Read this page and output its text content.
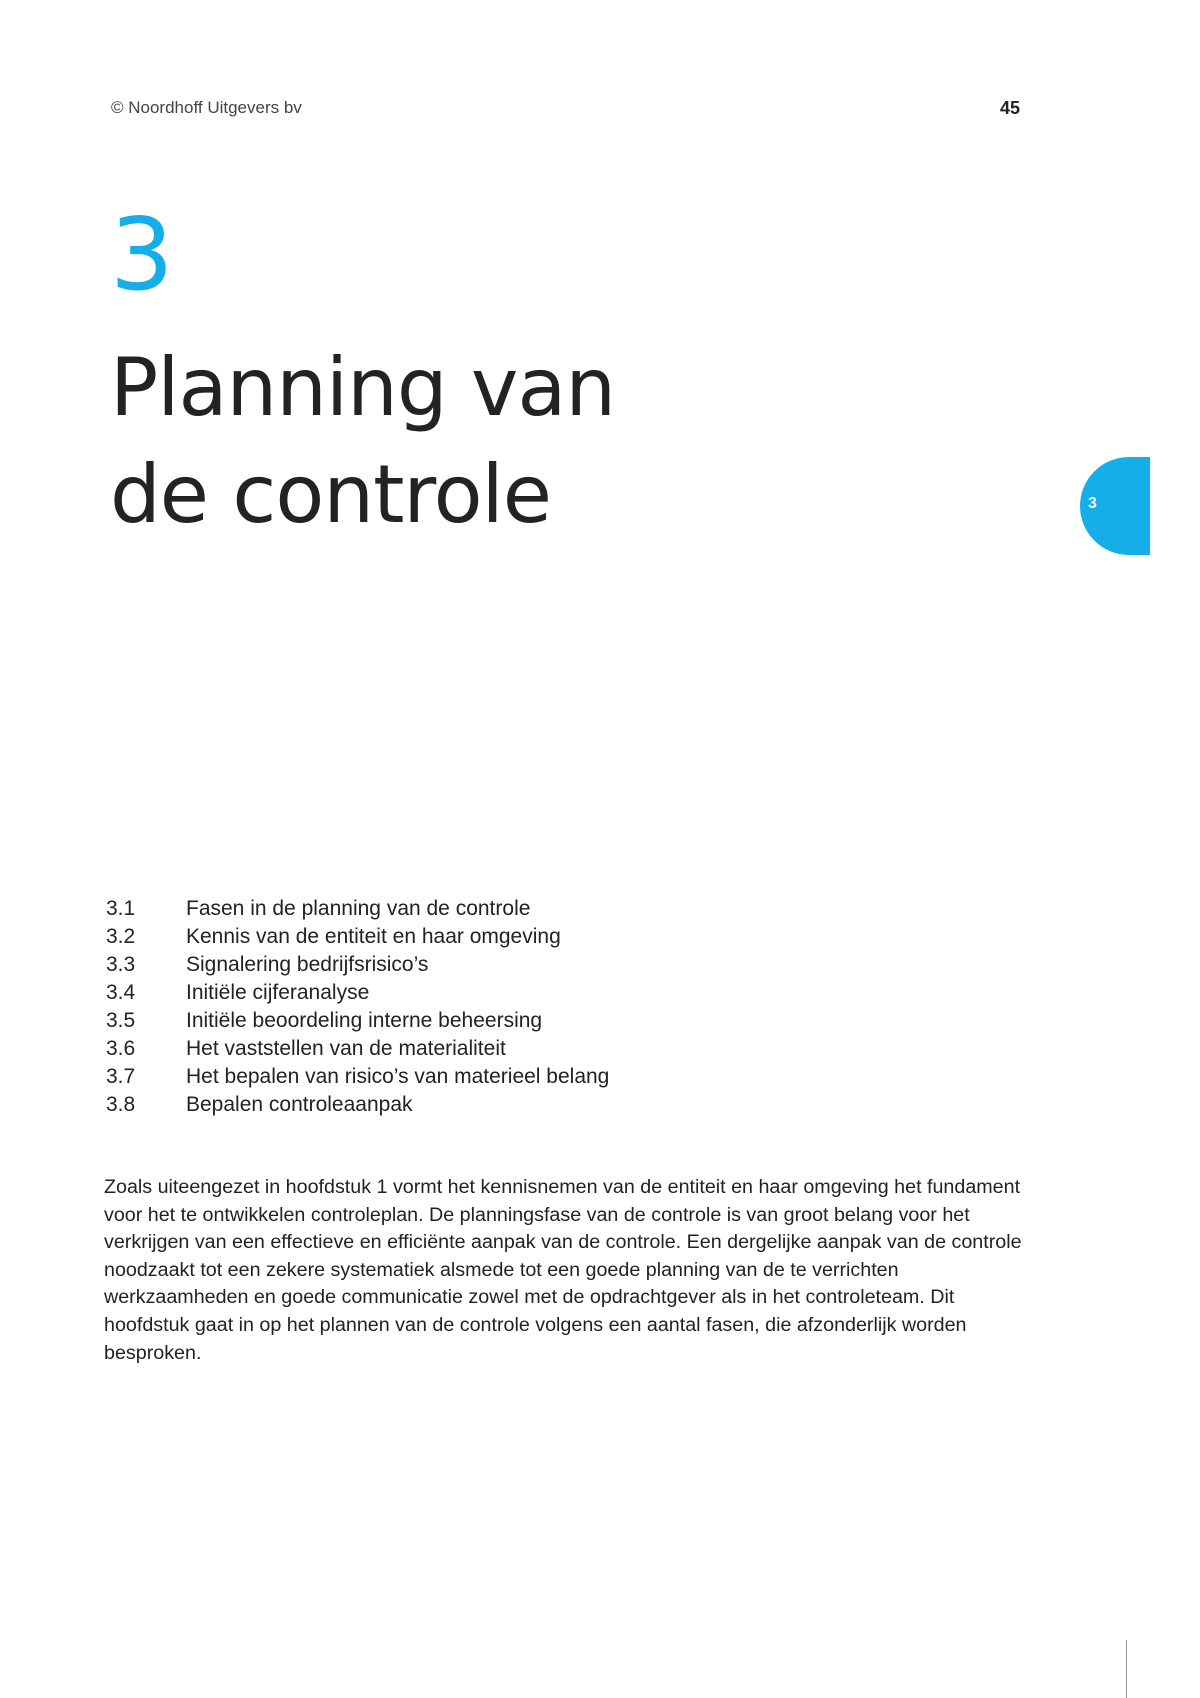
© Noordhoff Uitgevers bv	45
3
Planning van
de controle	3
3.1 Fasen in de planning van de controle
3.2 Kennis van de entiteit en haar omgeving
3.3 Signalering bedrijfsrisico’s
3.4 Initiële cijferanalyse
3.5 Initiële beoordeling interne beheersing
3.6 Het vaststellen van de materialiteit
3.7 Het bepalen van risico’s van materieel belang
3.8 Bepalen controleaanpak

Zoals uiteengezet in hoofdstuk 1 vormt het kennisnemen van de entiteit en haar omgeving het fundament voor het te ontwikkelen controleplan. De planningsfase van de controle is van groot belang voor het verkrijgen van een effectieve en efficiënte aanpak van de controle. Een dergelijke aanpak van de controle noodzaakt tot een zekere systematiek alsmede tot een goede planning van de te verrichten werkzaamheden en goede communicatie zowel met de opdrachtgever als in het controleteam. Dit hoofdstuk gaat in op het plannen van de controle volgens een aantal fasen, die afzonderlijk worden besproken.
